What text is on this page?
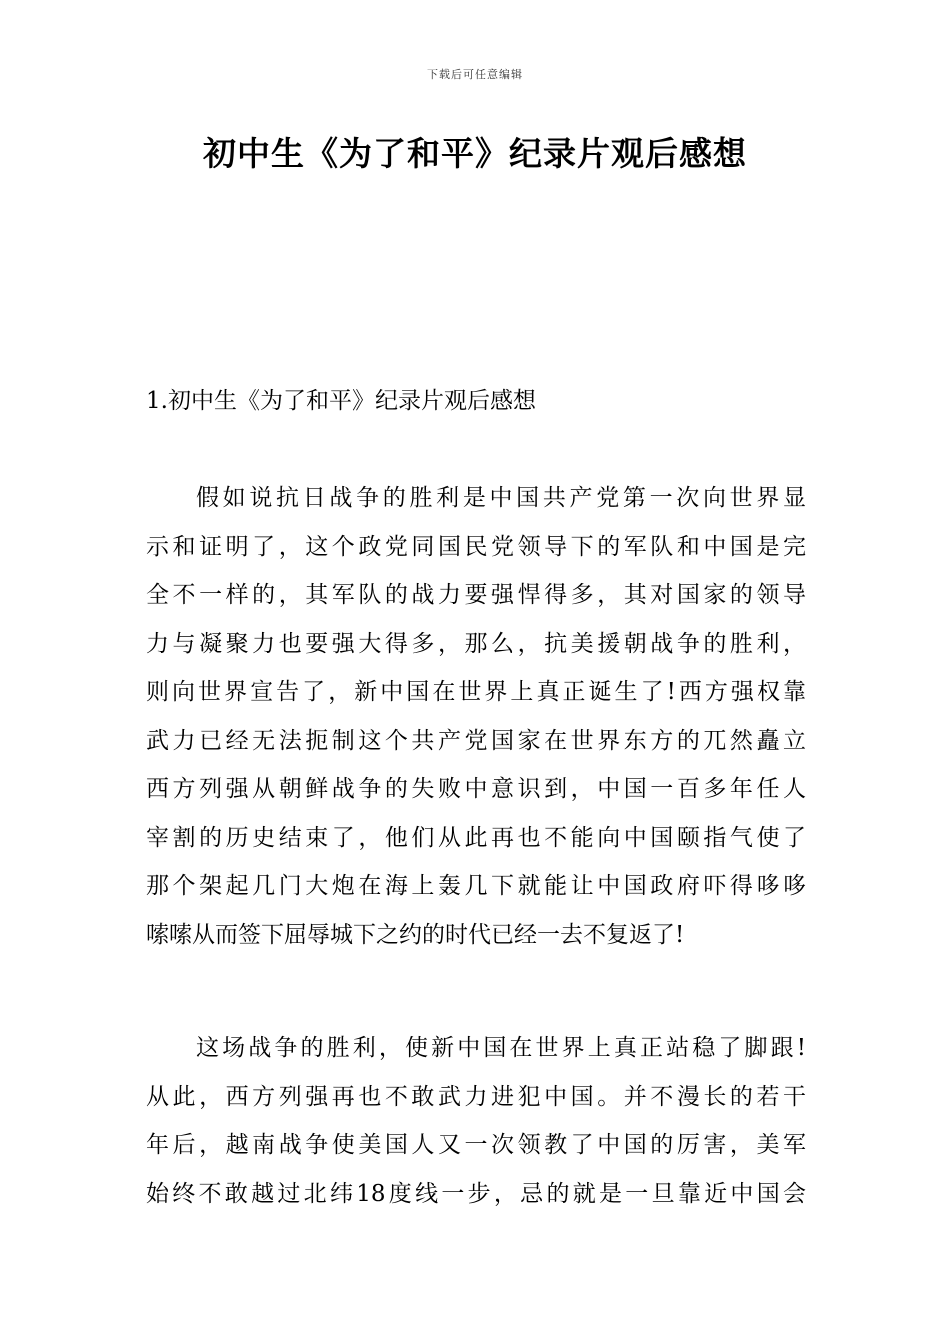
下载后可任意编辑
初中生《为了和平》纪录片观后感想
1.初中生《为了和平》纪录片观后感想
假如说抗日战争的胜利是中国共产党第一次向世界显
示和证明了，这个政党同国民党领导下的军队和中国是完
全不一样的，其军队的战力要强悍得多，其对国家的领导
力与凝聚力也要强大得多，那么，抗美援朝战争的胜利，
则向世界宣告了，新中国在世界上真正诞生了!西方强权靠
武力已经无法扼制这个共产党国家在世界东方的兀然矗立
西方列强从朝鲜战争的失败中意识到，中国一百多年任人
宰割的历史结束了，他们从此再也不能向中国颐指气使了
那个架起几门大炮在海上轰几下就能让中国政府吓得哆哆
嗦嗦从而签下屈辱城下之约的时代已经一去不复返了!
这场战争的胜利，使新中国在世界上真正站稳了脚跟!
从此，西方列强再也不敢武力进犯中国。并不漫长的若干
年后，越南战争使美国人又一次领教了中国的厉害，美军
始终不敢越过北纬18度线一步，忌的就是一旦靠近中国会
